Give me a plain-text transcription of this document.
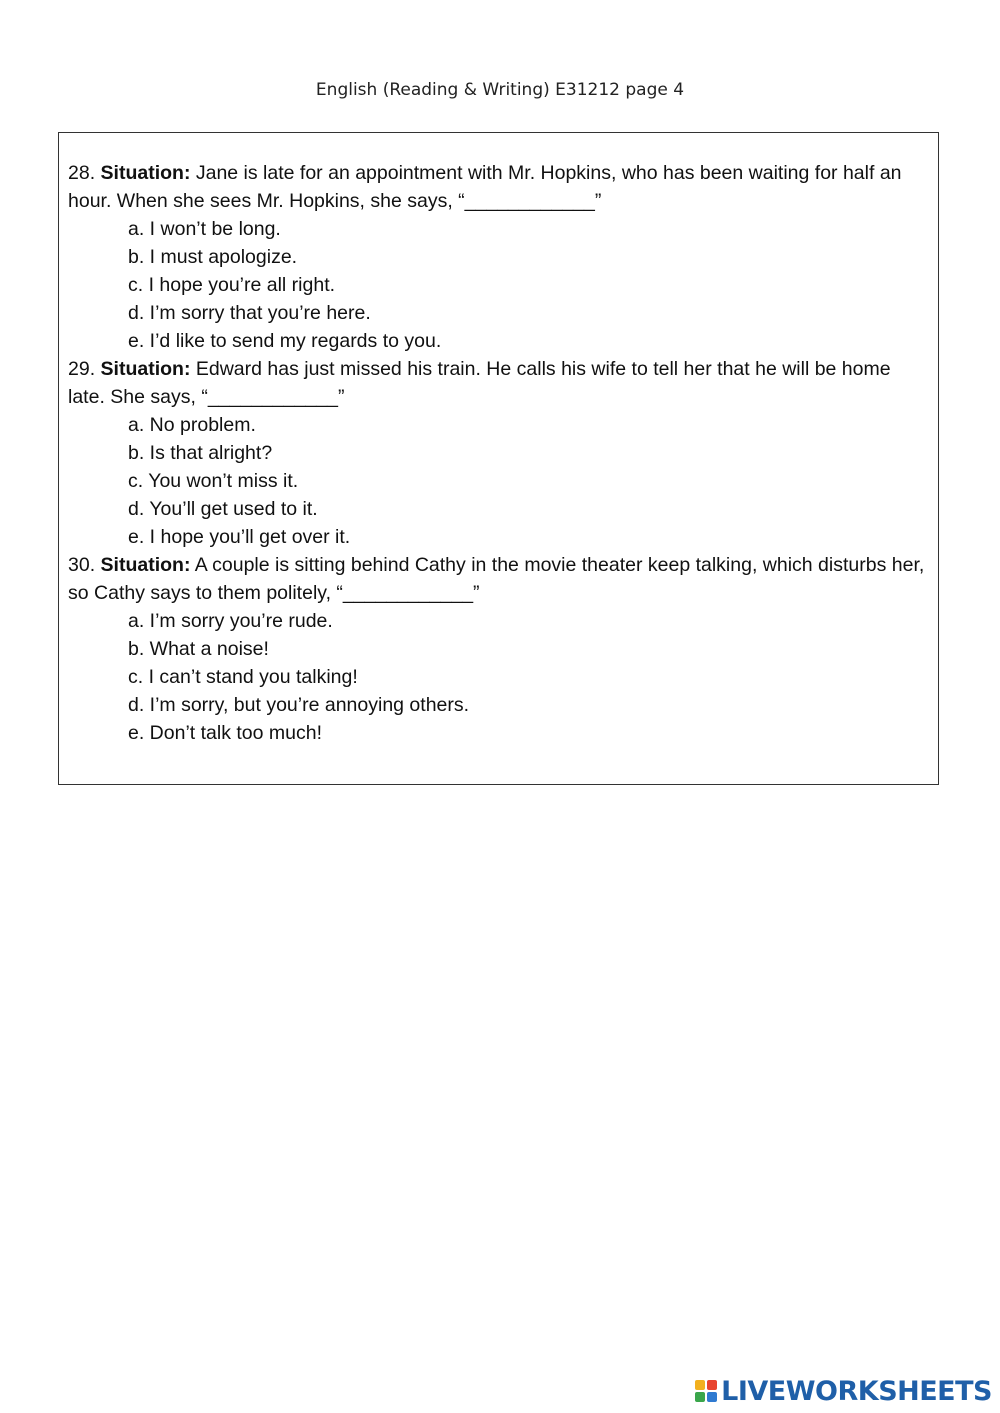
English (Reading & Writing) E31212 page 4

28. Situation: Jane is late for an appointment with Mr. Hopkins, who has been waiting for half an hour. When she sees Mr. Hopkins, she says, “____________”

a. I won’t be long.
b. I must apologize.
c. I hope you’re all right.
d. I’m sorry that you’re here.
e. I’d like to send my regards to you.

29. Situation: Edward has just missed his train. He calls his wife to tell her that he will be home late. She says, “____________”

a. No problem.
b. Is that alright?
c. You won’t miss it.
d. You’ll get used to it.
e. I hope you’ll get over it.

30. Situation: A couple is sitting behind Cathy in the movie theater keep talking, which disturbs her, so Cathy says to them politely, “____________”

a. I’m sorry you’re rude.
b. What a noise!
c. I can’t stand you talking!
d. I’m sorry, but you’re annoying others.
e. Don’t talk too much!
LIVEWORKSHEETS
